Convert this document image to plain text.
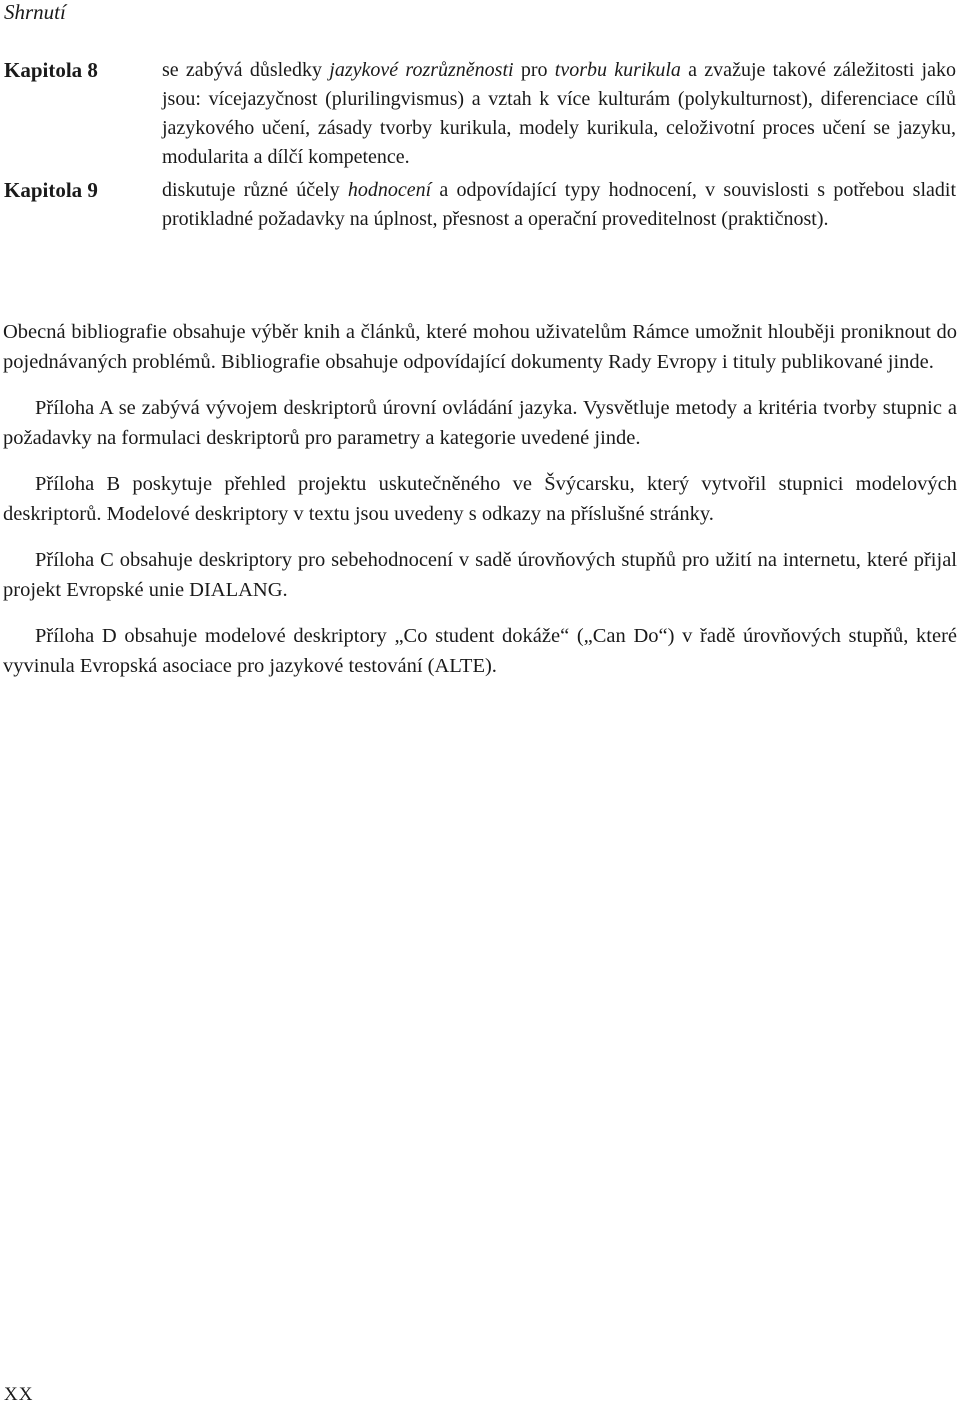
Shrnutí
Kapitola 8	se zabývá důsledky jazykové rozrůzněnosti pro tvorbu kurikula a zvažuje takové záležitosti jako jsou: vícejazyčnost (plurilingvismus) a vztah k více kulturám (polykulturnost), diferenciace cílů jazykového učení, zásady tvorby kurikula, modely kurikula, celoživotní proces učení se jazyku, modularita a dílčí kompetence.
Kapitola 9	diskutuje různé účely hodnocení a odpovídající typy hodnocení, v souvislosti s potřebou sladit protikladné požadavky na úplnost, přesnost a operační proveditelnost (praktičnost).

Obecná bibliografie obsahuje výběr knih a článků, které mohou uživatelům Rámce umožnit hlouběji proniknout do pojednávaných problémů. Bibliografie obsahuje odpovídající dokumenty Rady Evropy i tituly publikované jinde.

Příloha A se zabývá vývojem deskriptorů úrovní ovládání jazyka. Vysvětluje metody a kritéria tvorby stupnic a požadavky na formulaci deskriptorů pro parametry a kategorie uvedené jinde.

Příloha B poskytuje přehled projektu uskutečněného ve Švýcarsku, který vytvořil stupnici modelových deskriptorů. Modelové deskriptory v textu jsou uvedeny s odkazy na příslušné stránky.

Příloha C obsahuje deskriptory pro sebehodnocení v sadě úrovňových stupňů pro užití na internetu, které přijal projekt Evropské unie DIALANG.

Příloha D obsahuje modelové deskriptory „Co student dokáže“ („Can Do“) v řadě úrovňových stupňů, které vyvinula Evropská asociace pro jazykové testování (ALTE).

XX
